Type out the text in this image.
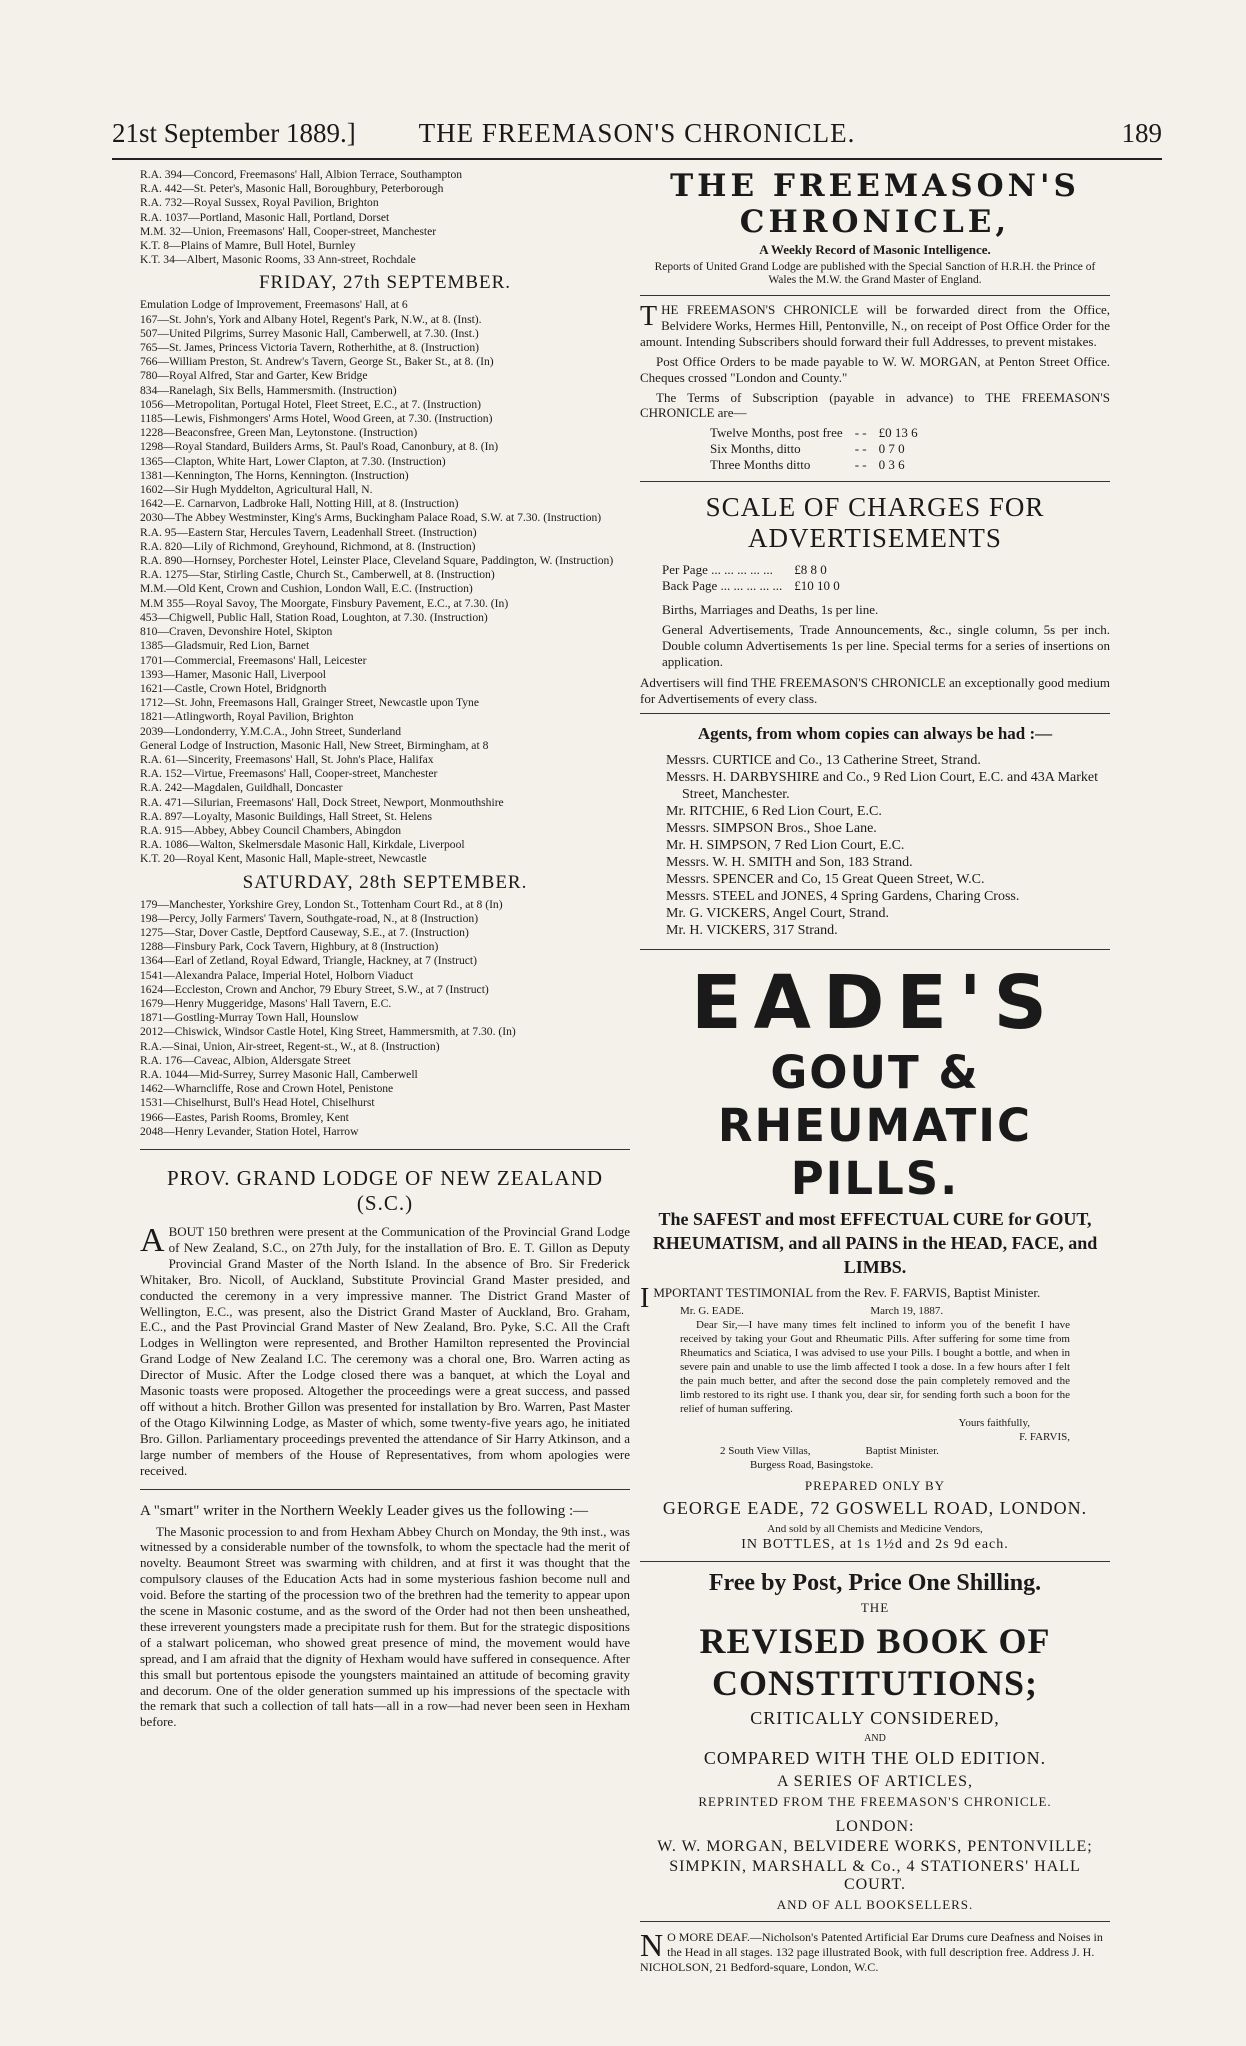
21st September 1889.]	THE FREEMASON'S CHRONICLE.	189

R.A. 394—Concord, Freemasons' Hall, Albion Terrace, Southampton

R.A. 442—St. Peter's, Masonic Hall, Boroughbury, Peterborough

R.A. 732—Royal Sussex, Royal Pavilion, Brighton

R.A. 1037—Portland, Masonic Hall, Portland, Dorset

M.M. 32—Union, Freemasons' Hall, Cooper-street, Manchester

K.T. 8—Plains of Mamre, Bull Hotel, Burnley

K.T. 34—Albert, Masonic Rooms, 33 Ann-street, Rochdale

FRIDAY, 27th SEPTEMBER.

Emulation Lodge of Improvement, Freemasons' Hall, at 6

167—St. John's, York and Albany Hotel, Regent's Park, N.W., at 8. (Inst).

507—United Pilgrims, Surrey Masonic Hall, Camberwell, at 7.30. (Inst.)

765—St. James, Princess Victoria Tavern, Rotherhithe, at 8. (Instruction)

766—William Preston, St. Andrew's Tavern, George St., Baker St., at 8. (In)

780—Royal Alfred, Star and Garter, Kew Bridge

834—Ranelagh, Six Bells, Hammersmith. (Instruction)

1056—Metropolitan, Portugal Hotel, Fleet Street, E.C., at 7. (Instruction)

1185—Lewis, Fishmongers' Arms Hotel, Wood Green, at 7.30. (Instruction)

1228—Beaconsfree, Green Man, Leytonstone. (Instruction)

1298—Royal Standard, Builders Arms, St. Paul's Road, Canonbury, at 8. (In)

1365—Clapton, White Hart, Lower Clapton, at 7.30. (Instruction)

1381—Kennington, The Horns, Kennington. (Instruction)

1602—Sir Hugh Myddelton, Agricultural Hall, N.

1642—E. Carnarvon, Ladbroke Hall, Notting Hill, at 8. (Instruction)

2030—The Abbey Westminster, King's Arms, Buckingham Palace Road, S.W. at 7.30. (Instruction)

R.A. 95—Eastern Star, Hercules Tavern, Leadenhall Street. (Instruction)

R.A. 820—Lily of Richmond, Greyhound, Richmond, at 8. (Instruction)

R.A. 890—Hornsey, Porchester Hotel, Leinster Place, Cleveland Square, Paddington, W. (Instruction)

R.A. 1275—Star, Stirling Castle, Church St., Camberwell, at 8. (Instruction)

M.M.—Old Kent, Crown and Cushion, London Wall, E.C. (Instruction)

M.M 355—Royal Savoy, The Moorgate, Finsbury Pavement, E.C., at 7.30. (In)

453—Chigwell, Public Hall, Station Road, Loughton, at 7.30. (Instruction)

810—Craven, Devonshire Hotel, Skipton

1385—Gladsmuir, Red Lion, Barnet

1701—Commercial, Freemasons' Hall, Leicester

1393—Hamer, Masonic Hall, Liverpool

1621—Castle, Crown Hotel, Bridgnorth

1712—St. John, Freemasons Hall, Grainger Street, Newcastle upon Tyne

1821—Atlingworth, Royal Pavilion, Brighton

2039—Londonderry, Y.M.C.A., John Street, Sunderland

General Lodge of Instruction, Masonic Hall, New Street, Birmingham, at 8

R.A. 61—Sincerity, Freemasons' Hall, St. John's Place, Halifax

R.A. 152—Virtue, Freemasons' Hall, Cooper-street, Manchester

R.A. 242—Magdalen, Guildhall, Doncaster

R.A. 471—Silurian, Freemasons' Hall, Dock Street, Newport, Monmouthshire

R.A. 897—Loyalty, Masonic Buildings, Hall Street, St. Helens

R.A. 915—Abbey, Abbey Council Chambers, Abingdon

R.A. 1086—Walton, Skelmersdale Masonic Hall, Kirkdale, Liverpool

K.T. 20—Royal Kent, Masonic Hall, Maple-street, Newcastle

SATURDAY, 28th SEPTEMBER.

179—Manchester, Yorkshire Grey, London St., Tottenham Court Rd., at 8 (In)

198—Percy, Jolly Farmers' Tavern, Southgate-road, N., at 8 (Instruction)

1275—Star, Dover Castle, Deptford Causeway, S.E., at 7. (Instruction)

1288—Finsbury Park, Cock Tavern, Highbury, at 8 (Instruction)

1364—Earl of Zetland, Royal Edward, Triangle, Hackney, at 7 (Instruct)

1541—Alexandra Palace, Imperial Hotel, Holborn Viaduct

1624—Eccleston, Crown and Anchor, 79 Ebury Street, S.W., at 7 (Instruct)

1679—Henry Muggeridge, Masons' Hall Tavern, E.C.

1871—Gostling-Murray Town Hall, Hounslow

2012—Chiswick, Windsor Castle Hotel, King Street, Hammersmith, at 7.30. (In)

R.A.—Sinai, Union, Air-street, Regent-st., W., at 8. (Instruction)

R.A. 176—Caveac, Albion, Aldersgate Street

R.A. 1044—Mid-Surrey, Surrey Masonic Hall, Camberwell

1462—Wharncliffe, Rose and Crown Hotel, Penistone

1531—Chiselhurst, Bull's Head Hotel, Chiselhurst

1966—Eastes, Parish Rooms, Bromley, Kent

2048—Henry Levander, Station Hotel, Harrow

PROV. GRAND LODGE OF NEW ZEALAND (S.C.)

ABOUT 150 brethren were present at the Communication of the Provincial Grand Lodge of New Zealand, S.C., on 27th July, for the installation of Bro. E. T. Gillon as Deputy Provincial Grand Master of the North Island. In the absence of Bro. Sir Frederick Whitaker, Bro. Nicoll, of Auckland, Substitute Provincial Grand Master presided, and conducted the ceremony in a very impressive manner. The District Grand Master of Wellington, E.C., was present, also the District Grand Master of Auckland, Bro. Graham, E.C., and the Past Provincial Grand Master of New Zealand, Bro. Pyke, S.C. All the Craft Lodges in Wellington were represented, and Brother Hamilton represented the Provincial Grand Lodge of New Zealand I.C. The ceremony was a choral one, Bro. Warren acting as Director of Music. After the Lodge closed there was a banquet, at which the Loyal and Masonic toasts were proposed. Altogether the proceedings were a great success, and passed off without a hitch. Brother Gillon was presented for installation by Bro. Warren, Past Master of the Otago Kilwinning Lodge, as Master of which, some twenty-five years ago, he initiated Bro. Gillon. Parliamentary proceedings prevented the attendance of Sir Harry Atkinson, and a large number of members of the House of Representatives, from whom apologies were received.

A "smart" writer in the Northern Weekly Leader gives us the following :—

The Masonic procession to and from Hexham Abbey Church on Monday, the 9th inst., was witnessed by a considerable number of the townsfolk, to whom the spectacle had the merit of novelty. Beaumont Street was swarming with children, and at first it was thought that the compulsory clauses of the Education Acts had in some mysterious fashion become null and void. Before the starting of the procession two of the brethren had the temerity to appear upon the scene in Masonic costume, and as the sword of the Order had not then been unsheathed, these irreverent youngsters made a precipitate rush for them. But for the strategic dispositions of a stalwart policeman, who showed great presence of mind, the movement would have spread, and I am afraid that the dignity of Hexham would have suffered in consequence. After this small but portentous episode the youngsters maintained an attitude of becoming gravity and decorum. One of the older generation summed up his impressions of the spectacle with the remark that such a collection of tall hats—all in a row—had never been seen in Hexham before.

THE FREEMASON'S CHRONICLE,
A Weekly Record of Masonic Intelligence.

Reports of United Grand Lodge are published with the Special Sanction of H.R.H. the Prince of Wales the M.W. the Grand Master of England.

THE FREEMASON'S CHRONICLE will be forwarded direct from the Office, Belvidere Works, Hermes Hill, Pentonville, N., on receipt of Post Office Order for the amount. Intending Subscribers should forward their full Addresses, to prevent mistakes.

Post Office Orders to be made payable to W. W. MORGAN, at Penton Street Office. Cheques crossed "London and County."

The Terms of Subscription (payable in advance) to THE FREEMASON'S CHRONICLE are—

Twelve Months, post free	- -	£0 13 6
Six Months, ditto	- -	0 7 0
Three Months ditto	- -	0 3 6
SCALE OF CHARGES FOR ADVERTISEMENTS
Per Page ... ... ... ... ...	£8 8 0
Back Page ... ... ... ... ...	£10 10 0

Births, Marriages and Deaths, 1s per line.

General Advertisements, Trade Announcements, &c., single column, 5s per inch. Double column Advertisements 1s per line. Special terms for a series of insertions on application.

Advertisers will find THE FREEMASON'S CHRONICLE an exceptionally good medium for Advertisements of every class.

Agents, from whom copies can always be had :—

Messrs. CURTICE and Co., 13 Catherine Street, Strand.

Messrs. H. DARBYSHIRE and Co., 9 Red Lion Court, E.C. and 43A Market Street, Manchester.

Mr. RITCHIE, 6 Red Lion Court, E.C.

Messrs. SIMPSON Bros., Shoe Lane.

Mr. H. SIMPSON, 7 Red Lion Court, E.C.

Messrs. W. H. SMITH and Son, 183 Strand.

Messrs. SPENCER and Co, 15 Great Queen Street, W.C.

Messrs. STEEL and JONES, 4 Spring Gardens, Charing Cross.

Mr. G. VICKERS, Angel Court, Strand.

Mr. H. VICKERS, 317 Strand.

EADE'S
GOUT & RHEUMATIC PILLS.
The SAFEST and most EFFECTUAL CURE for GOUT, RHEUMATISM, and all PAINS in the HEAD, FACE, and LIMBS.

IMPORTANT TESTIMONIAL from the Rev. F. FARVIS, Baptist Minister.

Mr. G. EADE.                                              March 19, 1887.
Dear Sir,—I have many times felt inclined to inform you of the benefit I have received by taking your Gout and Rheumatic Pills. After suffering for some time from Rheumatics and Sciatica, I was advised to use your Pills. I bought a bottle, and when in severe pain and unable to use the limb affected I took a dose. In a few hours after I felt the pain much better, and after the second dose the pain completely removed and the limb restored to its right use. I thank you, dear sir, for sending forth such a boon for the relief of human suffering.
Yours faithfully,
F. FARVIS,
2 South View Villas,                    Baptist Minister.
Burgess Road, Basingstoke.
PREPARED ONLY BY
GEORGE EADE, 72 GOSWELL ROAD, LONDON.
And sold by all Chemists and Medicine Vendors,
IN BOTTLES, at 1s 1½d and 2s 9d each.
Free by Post, Price One Shilling.
THE
REVISED BOOK OF CONSTITUTIONS;
CRITICALLY CONSIDERED,
AND
COMPARED WITH THE OLD EDITION.
A SERIES OF ARTICLES,
REPRINTED FROM THE FREEMASON'S CHRONICLE.
LONDON:
W. W. MORGAN, BELVIDERE WORKS, PENTONVILLE;
SIMPKIN, MARSHALL & Co., 4 STATIONERS' HALL COURT.
AND OF ALL BOOKSELLERS.

N O MORE DEAF.—Nicholson's Patented Artificial Ear Drums cure Deafness and Noises in the Head in all stages. 132 page illustrated Book, with full description free. Address J. H. NICHOLSON, 21 Bedford-square, London, W.C.
